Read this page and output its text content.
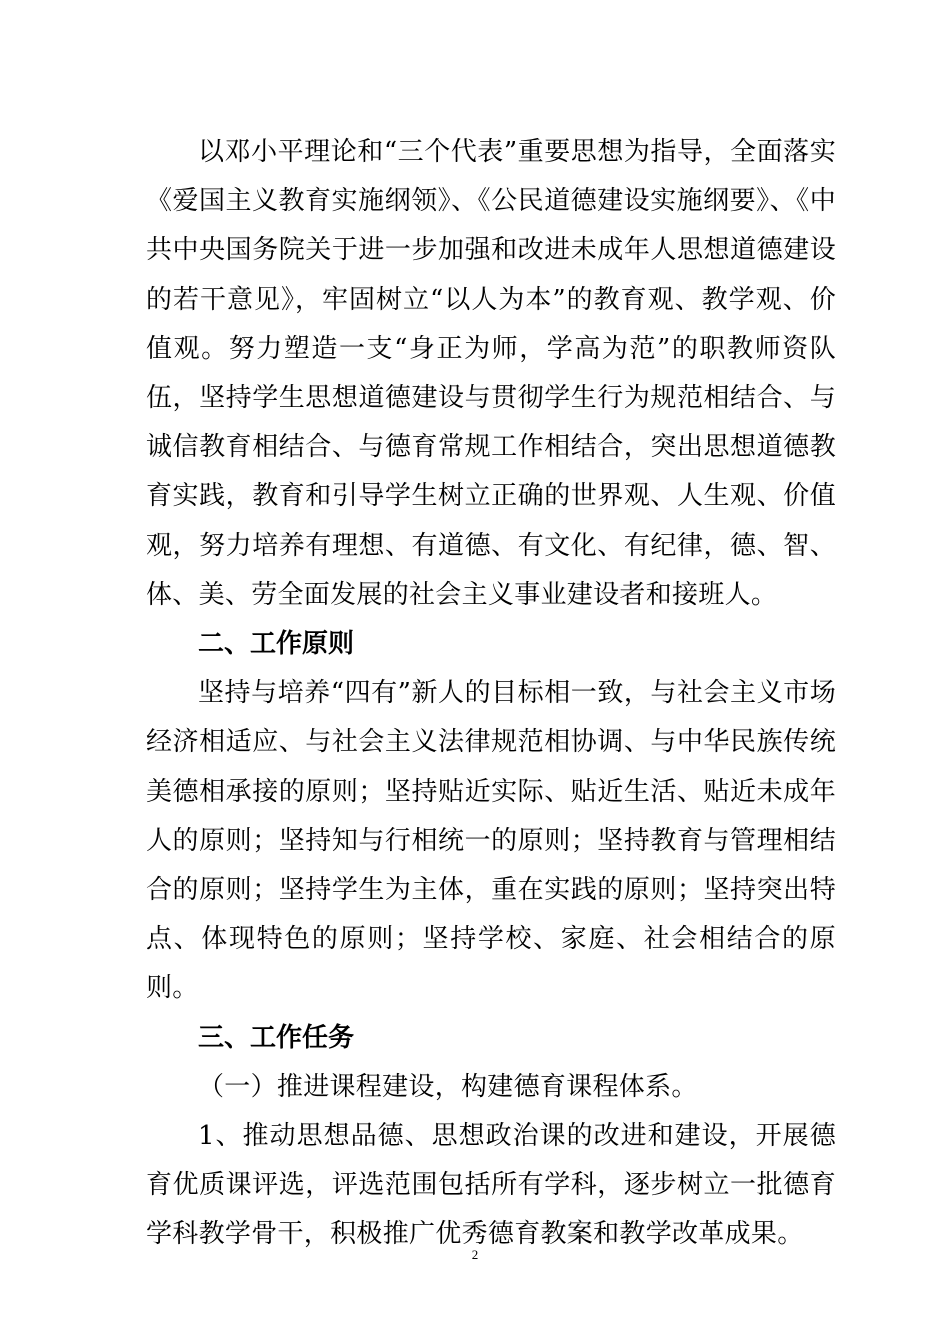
以邓小平理论和“三个代表”重要思想为指导，全面落实《爱国主义教育实施纲领》、《公民道德建设实施纲要》、《中共中央国务院关于进一步加强和改进未成年人思想道德建设的若干意见》，牢固树立“以人为本”的教育观、教学观、价值观。努力塑造一支“身正为师，学高为范”的职教师资队伍，坚持学生思想道德建设与贯彻学生行为规范相结合、与诚信教育相结合、与德育常规工作相结合，突出思想道德教育实践，教育和引导学生树立正确的世界观、人生观、价值观，努力培养有理想、有道德、有文化、有纪律，德、智、体、美、劳全面发展的社会主义事业建设者和接班人。

二、工作原则

坚持与培养“四有”新人的目标相一致，与社会主义市场经济相适应、与社会主义法律规范相协调、与中华民族传统美德相承接的原则；坚持贴近实际、贴近生活、贴近未成年人的原则；坚持知与行相统一的原则；坚持教育与管理相结合的原则；坚持学生为主体，重在实践的原则；坚持突出特点、体现特色的原则；坚持学校、家庭、社会相结合的原则。

三、工作任务

（一）推进课程建设，构建德育课程体系。

1、推动思想品德、思想政治课的改进和建设，开展德育优质课评选，评选范围包括所有学科，逐步树立一批德育学科教学骨干，积极推广优秀德育教案和教学改革成果。

2
